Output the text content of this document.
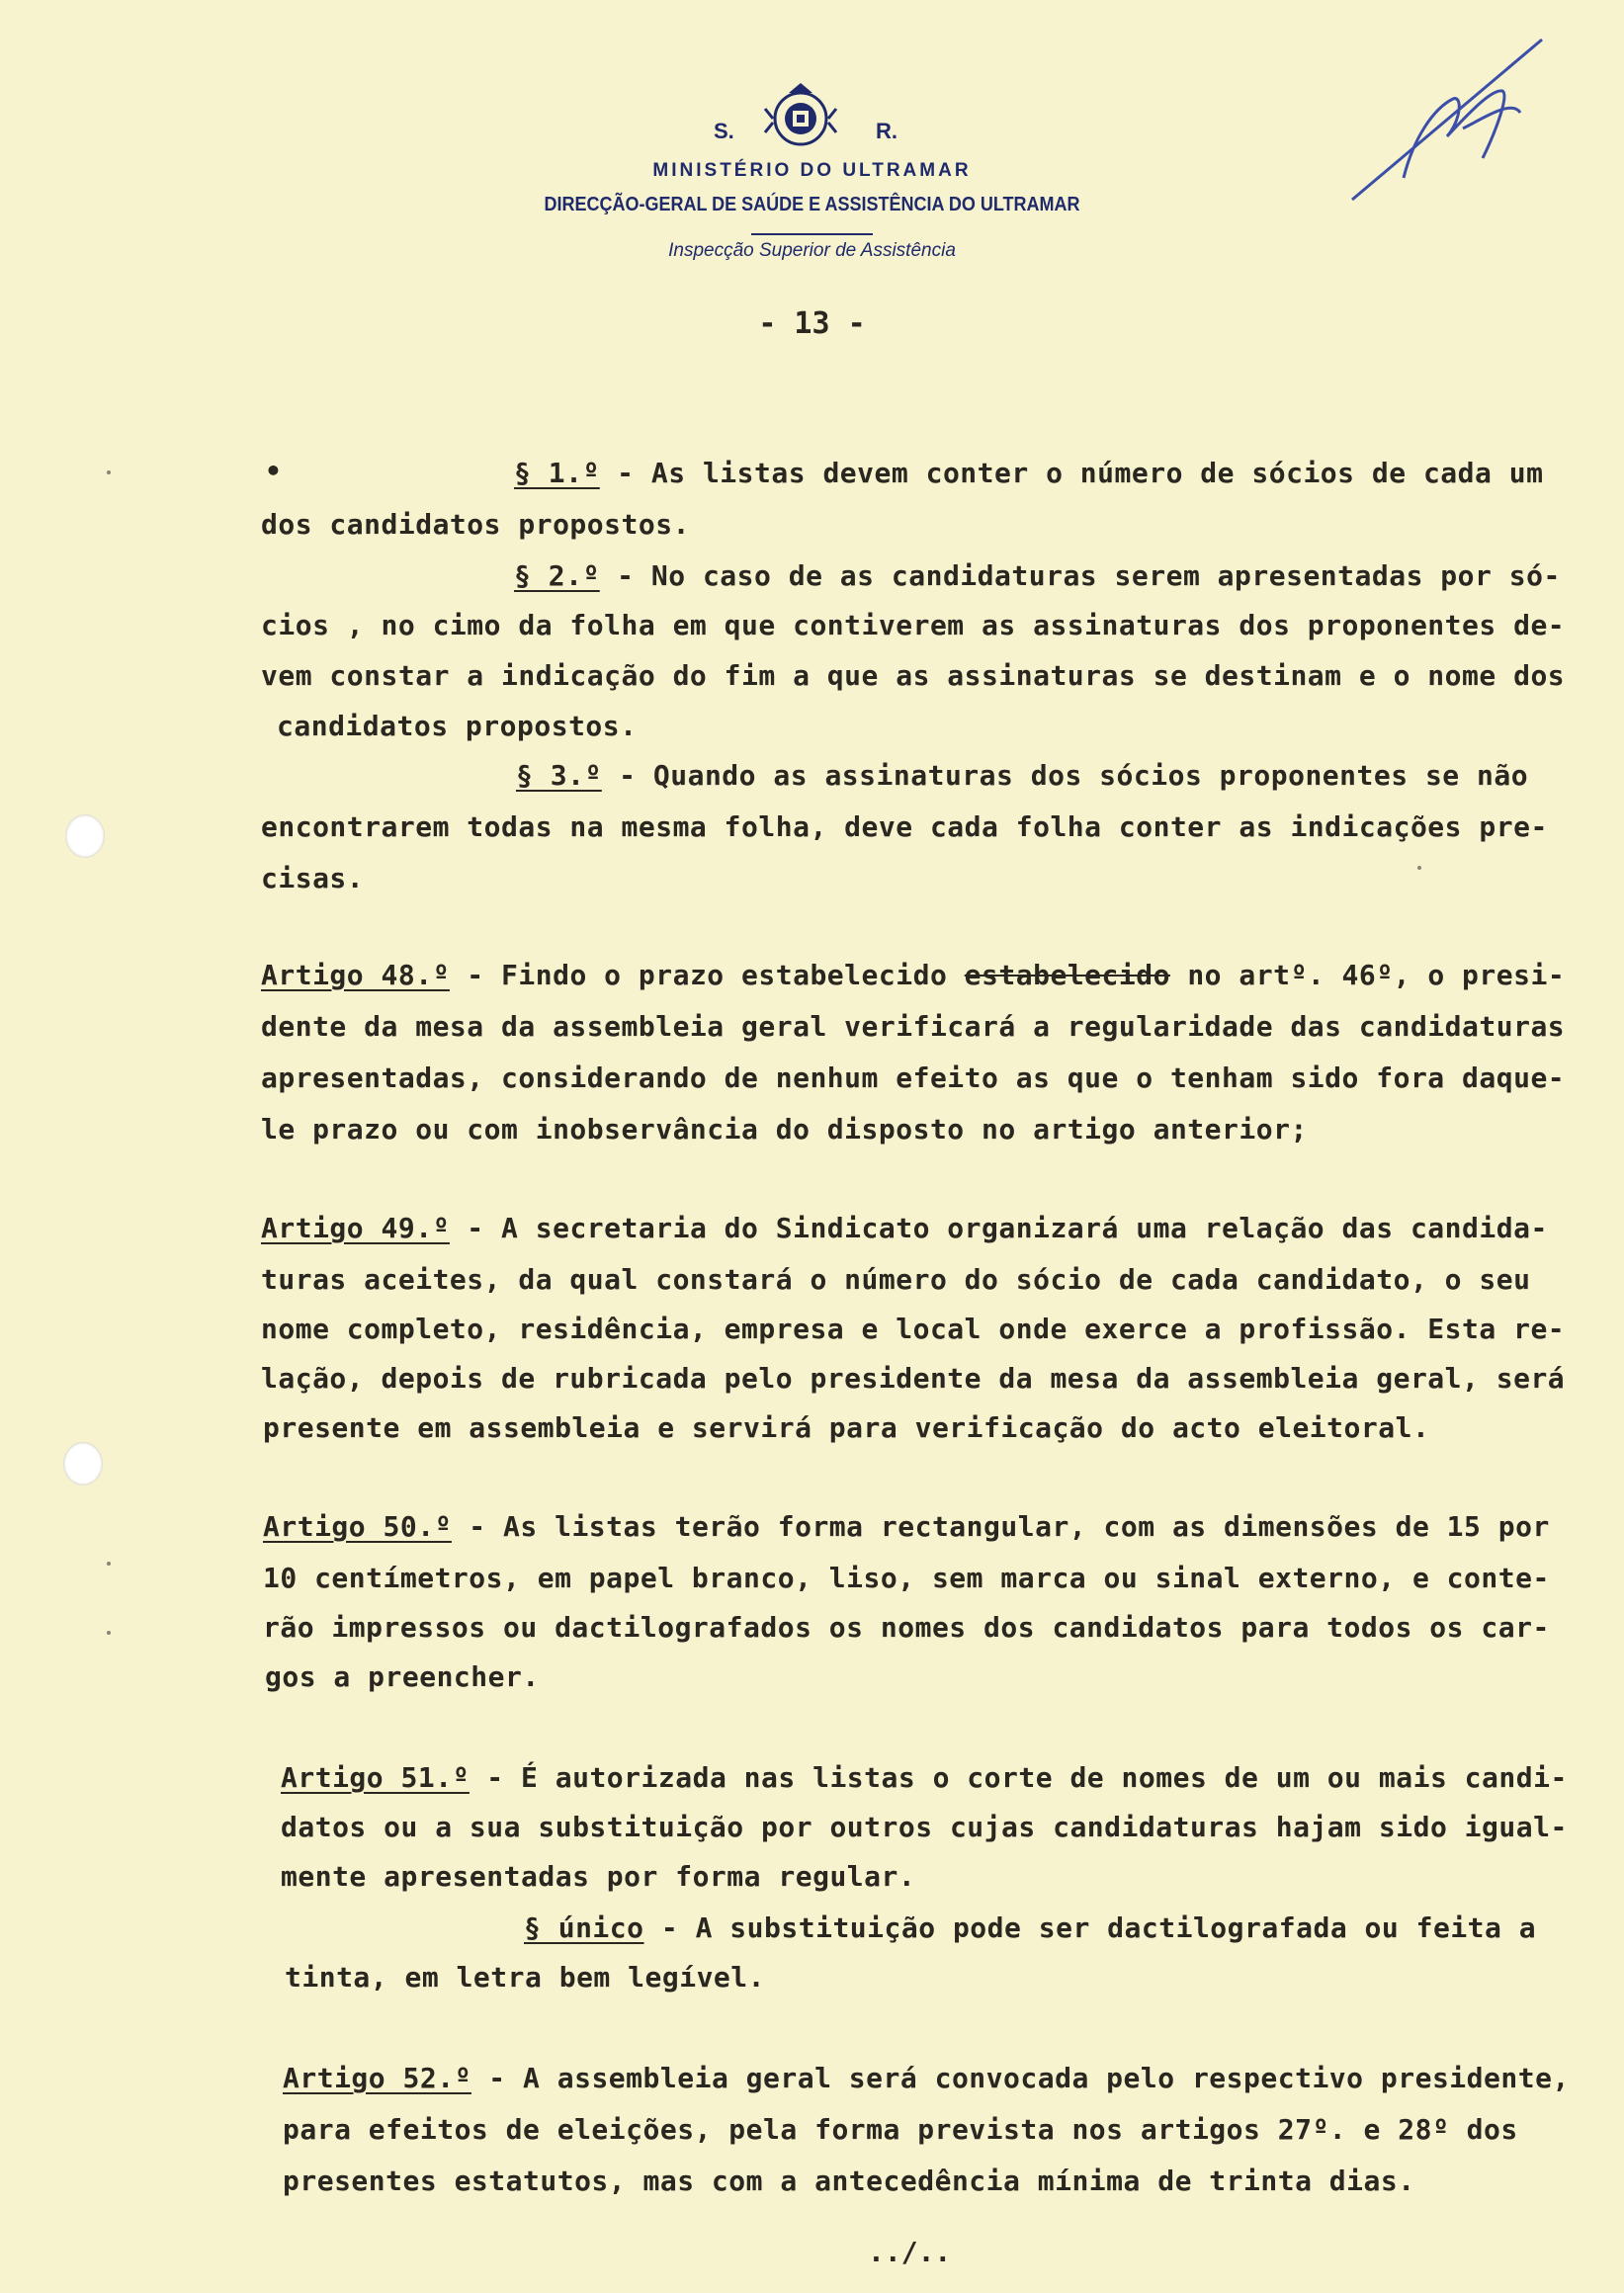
S.	R.
MINISTÉRIO DO ULTRAMAR
DIRECÇÃO-GERAL DE SAÚDE E ASSISTÊNCIA DO ULTRAMAR
Inspecção Superior de Assistência
- 13 -
•	§ 1.º - As listas devem conter o número de sócios de cada um
dos candidatos propostos.
§ 2.º - No caso de as candidaturas serem apresentadas por só-
cios , no cimo da folha em que contiverem as assinaturas dos proponentes de-
vem constar a indicação do fim a que as assinaturas se destinam e o nome dos
candidatos propostos.
§ 3.º - Quando as assinaturas dos sócios proponentes se não
encontrarem todas na mesma folha, deve cada folha conter as indicações pre-
cisas.
Artigo 48.º - Findo o prazo estabelecido estabelecido no artº. 46º, o presi-
dente da mesa da assembleia geral verificará a regularidade das candidaturas
apresentadas, considerando de nenhum efeito as que o tenham sido fora daque-
le prazo ou com inobservância do disposto no artigo anterior;
Artigo 49.º - A secretaria do Sindicato organizará uma relação das candida-
turas aceites, da qual constará o número do sócio de cada candidato, o seu
nome completo, residência, empresa e local onde exerce a profissão. Esta re-
lação, depois de rubricada pelo presidente da mesa da assembleia geral, será
presente em assembleia e servirá para verificação do acto eleitoral.
Artigo 50.º - As listas terão forma rectangular, com as dimensões de 15 por
10 centímetros, em papel branco, liso, sem marca ou sinal externo, e conte-
rão impressos ou dactilografados os nomes dos candidatos para todos os car-
gos a preencher.
Artigo 51.º - É autorizada nas listas o corte de nomes de um ou mais candi-
datos ou a sua substituição por outros cujas candidaturas hajam sido igual-
mente apresentadas por forma regular.
§ único - A substituição pode ser dactilografada ou feita a
tinta, em letra bem legível.
Artigo 52.º - A assembleia geral será convocada pelo respectivo presidente,
para efeitos de eleições, pela forma prevista nos artigos 27º. e 28º dos
presentes estatutos, mas com a antecedência mínima de trinta dias.
../..
